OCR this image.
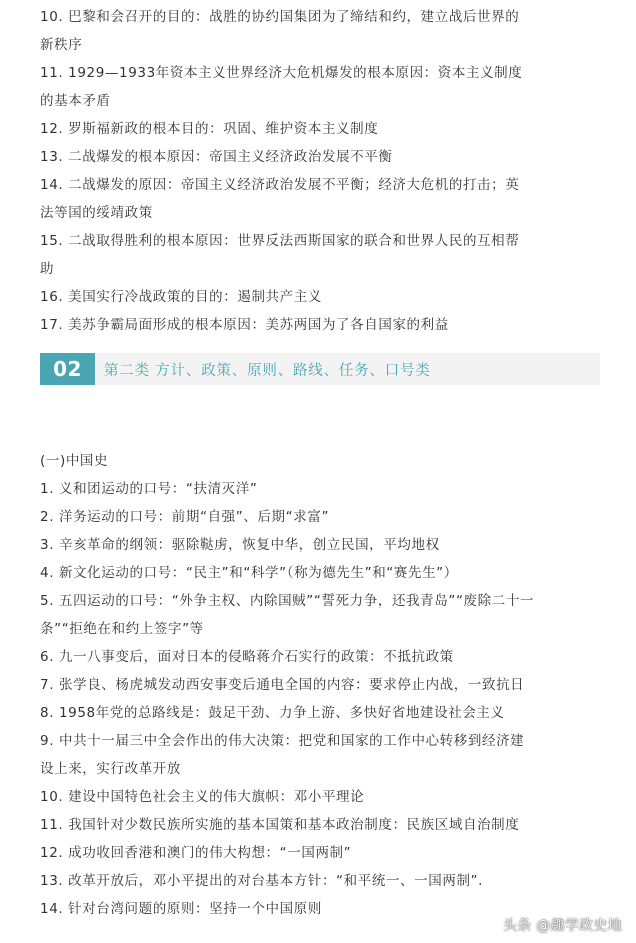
10. 巴黎和会召开的目的：战胜的协约国集团为了缔结和约，建立战后世界的
新秩序
11. 1929—1933年资本主义世界经济大危机爆发的根本原因：资本主义制度
的基本矛盾
12. 罗斯福新政的根本目的：巩固、维护资本主义制度
13. 二战爆发的根本原因：帝国主义经济政治发展不平衡
14. 二战爆发的原因：帝国主义经济政治发展不平衡；经济大危机的打击；英
法等国的绥靖政策
15. 二战取得胜利的根本原因：世界反法西斯国家的联合和世界人民的互相帮
助
16. 美国实行冷战政策的目的：遏制共产主义
17. 美苏争霸局面形成的根本原因：美苏两国为了各自国家的利益
02	第二类 方计、政策、原则、路线、任务、口号类
(一)中国史
1. 义和团运动的口号：“扶清灭洋”
2. 洋务运动的口号：前期“自强”、后期“求富”
3. 辛亥革命的纲领：驱除鞑虏，恢复中华，创立民国，平均地权
4. 新文化运动的口号：“民主”和“科学”（称为德先生”和“赛先生”）
5. 五四运动的口号：“外争主权、内除国贼”“誓死力争，还我青岛”“废除二十一
条”“拒绝在和约上签字”等
6. 九一八事变后，面对日本的侵略蒋介石实行的政策：不抵抗政策
7. 张学良、杨虎城发动西安事变后通电全国的内容：要求停止内战，一致抗日
8. 1958年党的总路线是：鼓足干劲、力争上游、多快好省地建设社会主义
9. 中共十一届三中全会作出的伟大决策：把党和国家的工作中心转移到经济建
设上来，实行改革开放
10. 建设中国特色社会主义的伟大旗帜：邓小平理论
11. 我国针对少数民族所实施的基本国策和基本政治制度：民族区域自治制度
12. 成功收回香港和澳门的伟大构想：“一国两制”
13. 改革开放后，邓小平提出的对台基本方针：“和平统一、一国两制”.
14. 针对台湾问题的原则：坚持一个中国原则
头条 @趣学政史地
